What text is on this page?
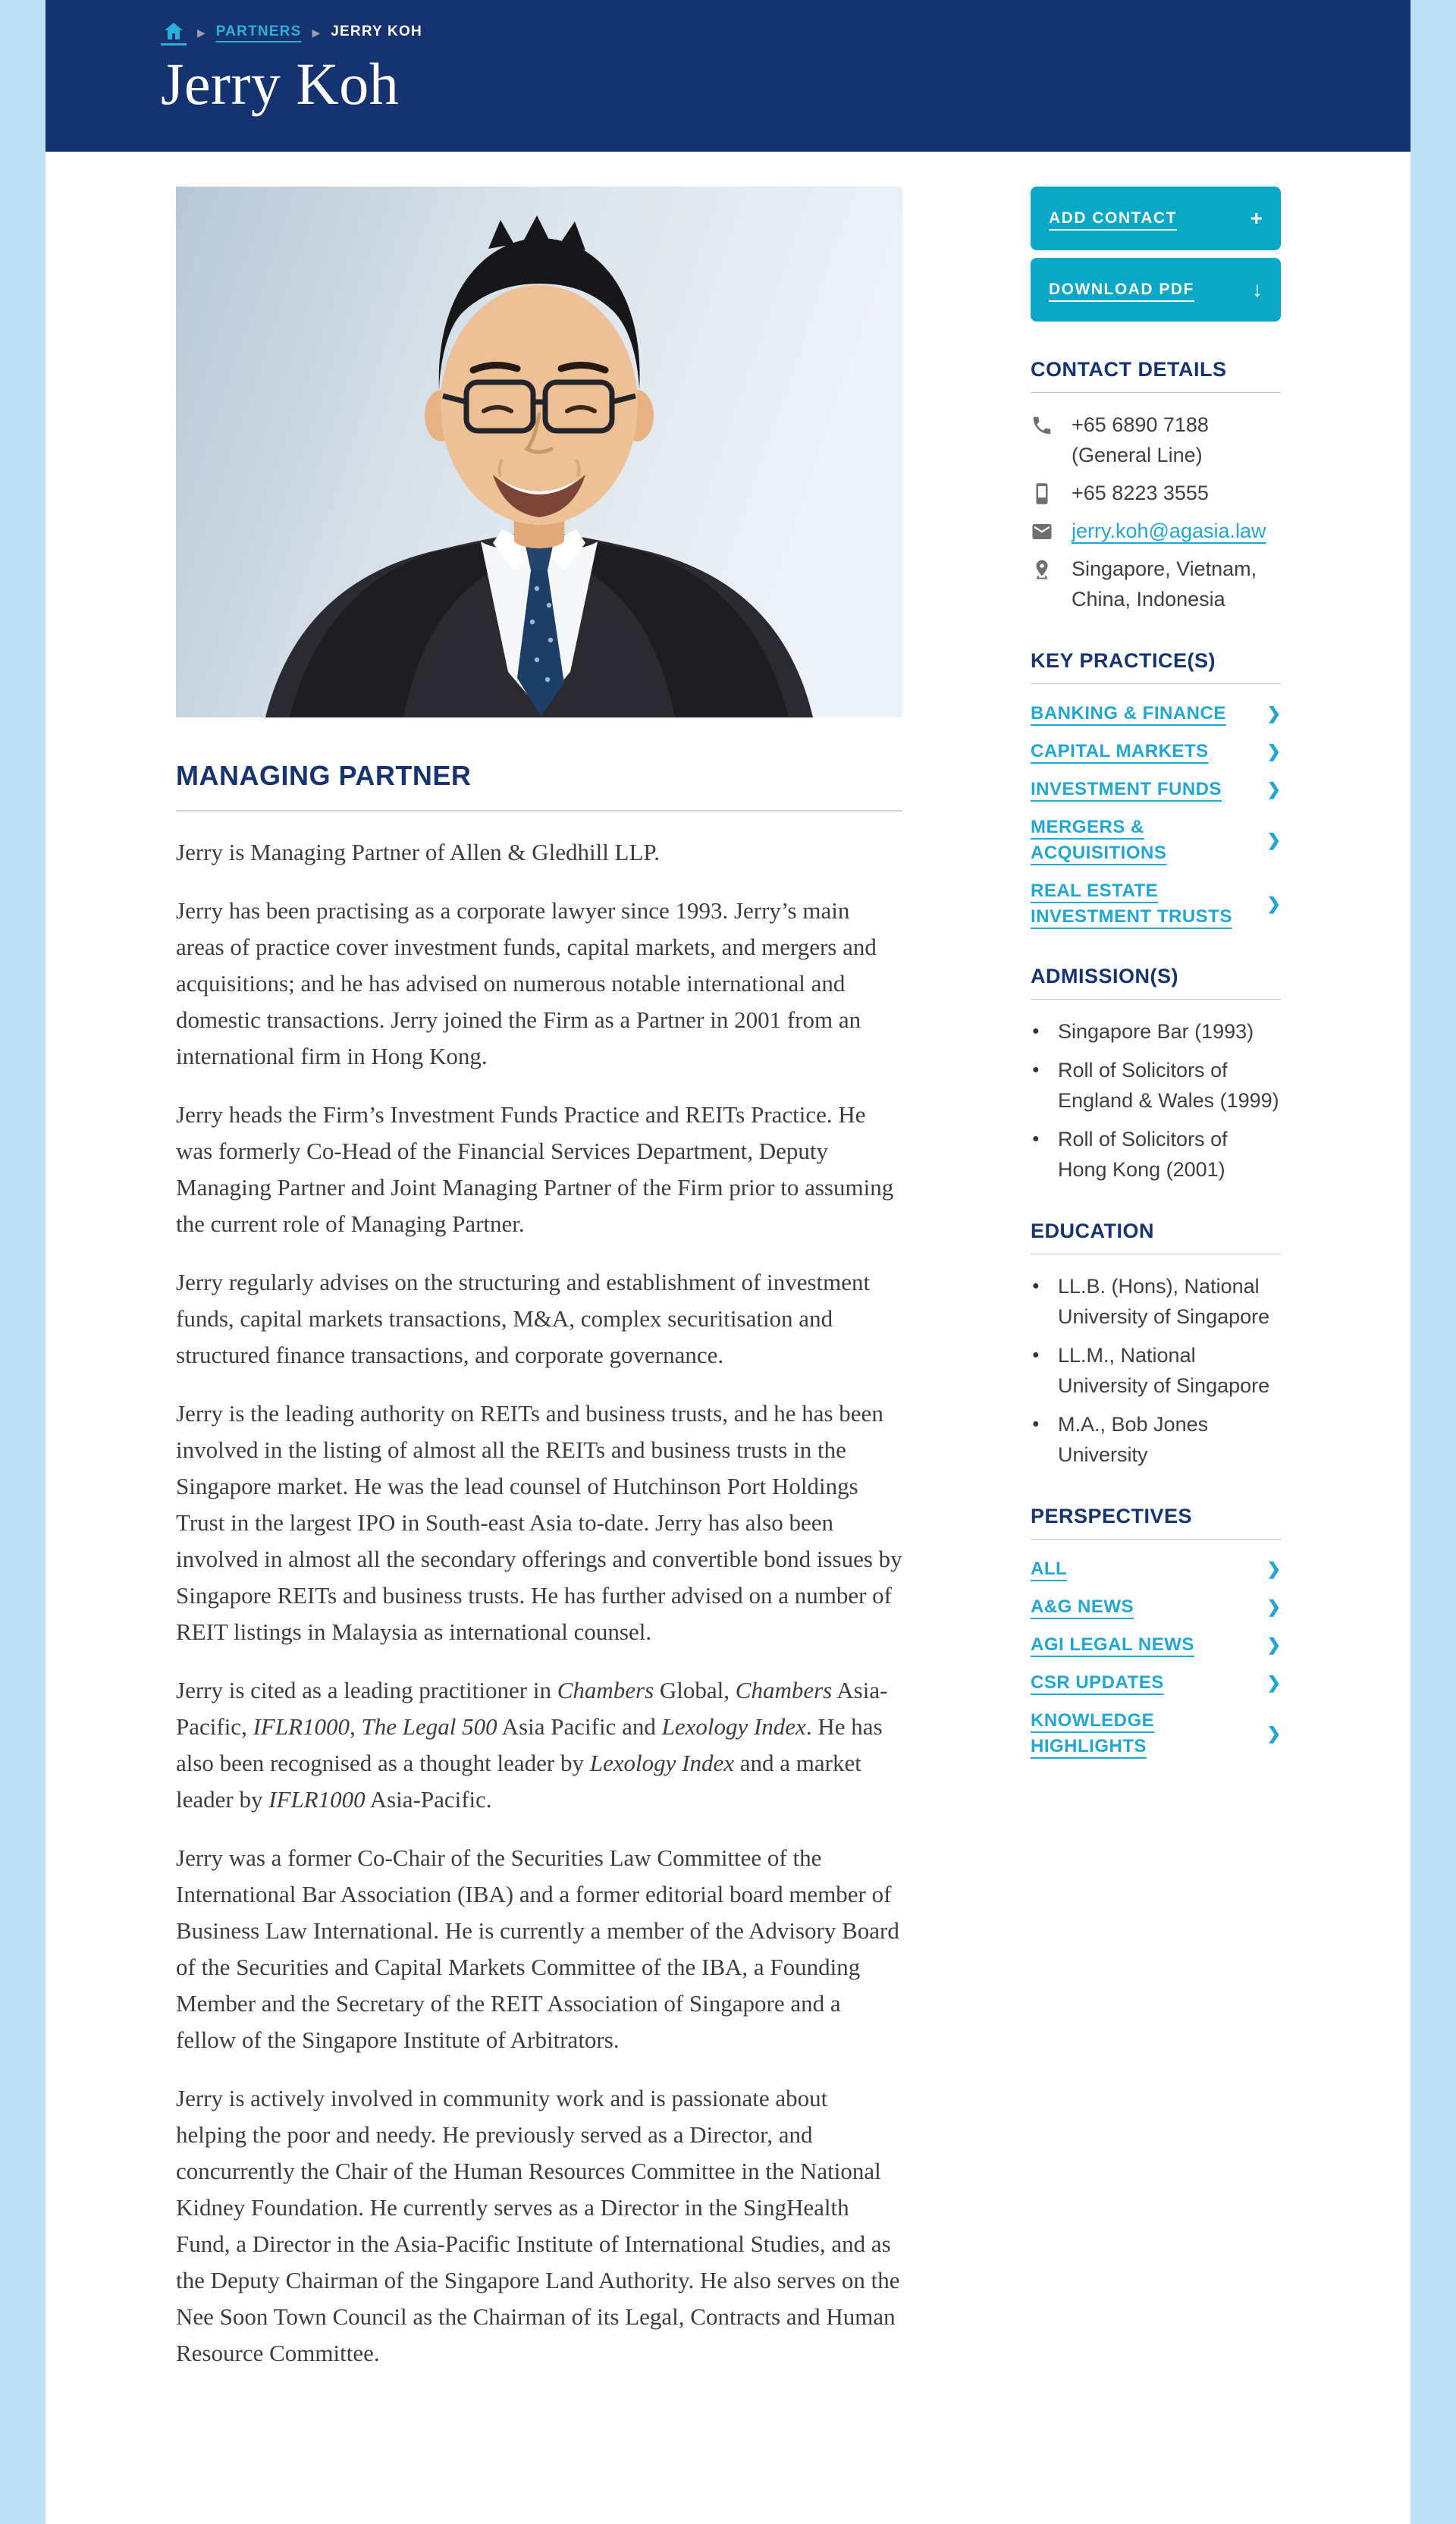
▶ PARTNERS ▶ JERRY KOH
Jerry Koh
MANAGING PARTNER

Jerry is Managing Partner of Allen & Gledhill LLP.

Jerry has been practising as a corporate lawyer since 1993. Jerry’s main areas of practice cover investment funds, capital markets, and mergers and acquisitions; and he has advised on numerous notable international and domestic transactions. Jerry joined the Firm as a Partner in 2001 from an international firm in Hong Kong.

Jerry heads the Firm’s Investment Funds Practice and REITs Practice. He was formerly Co-Head of the Financial Services Department, Deputy Managing Partner and Joint Managing Partner of the Firm prior to assuming the current role of Managing Partner.

Jerry regularly advises on the structuring and establishment of investment funds, capital markets transactions, M&A, complex securitisation and structured finance transactions, and corporate governance.

Jerry is the leading authority on REITs and business trusts, and he has been involved in the listing of almost all the REITs and business trusts in the Singapore market. He was the lead counsel of Hutchinson Port Holdings Trust in the largest IPO in South-east Asia to-date. Jerry has also been involved in almost all the secondary offerings and convertible bond issues by Singapore REITs and business trusts. He has further advised on a number of REIT listings in Malaysia as international counsel.

Jerry is cited as a leading practitioner in Chambers Global, Chambers Asia-Pacific, IFLR1000, The Legal 500 Asia Pacific and Lexology Index. He has also been recognised as a thought leader by Lexology Index and a market leader by IFLR1000 Asia-Pacific.

Jerry was a former Co-Chair of the Securities Law Committee of the International Bar Association (IBA) and a former editorial board member of Business Law International. He is currently a member of the Advisory Board of the Securities and Capital Markets Committee of the IBA, a Founding Member and the Secretary of the REIT Association of Singapore and a fellow of the Singapore Institute of Arbitrators.

Jerry is actively involved in community work and is passionate about helping the poor and needy. He previously served as a Director, and concurrently the Chair of the Human Resources Committee in the National Kidney Foundation. He currently serves as a Director in the SingHealth Fund, a Director in the Asia-Pacific Institute of International Studies, and as the Deputy Chairman of the Singapore Land Authority. He also serves on the Nee Soon Town Council as the Chairman of its Legal, Contracts and Human Resource Committee.

ADD CONTACT	+
DOWNLOAD PDF	↓
CONTACT DETAILS
+65 6890 7188 (General Line)
+65 8223 3555
jerry.koh@agasia.law
Singapore, Vietnam, China, Indonesia
KEY PRACTICE(S)
BANKING & FINANCE ❯
CAPITAL MARKETS	❯
INVESTMENT FUNDS	❯
MERGERS & ACQUISITIONS
❯
REAL ESTATE INVESTMENT TRUSTS
❯
ADMISSION(S)
● Singapore Bar (1993)
● Roll of Solicitors of England & Wales (1999)
● Roll of Solicitors of Hong Kong (2001)
EDUCATION
● LL.B. (Hons), National University of Singapore
● LL.M., National University of Singapore
● M.A., Bob Jones University
PERSPECTIVES
ALL	❯
A&G NEWS	❯
AGI LEGAL NEWS	❯
CSR UPDATES	❯
KNOWLEDGE HIGHLIGHTS
❯
